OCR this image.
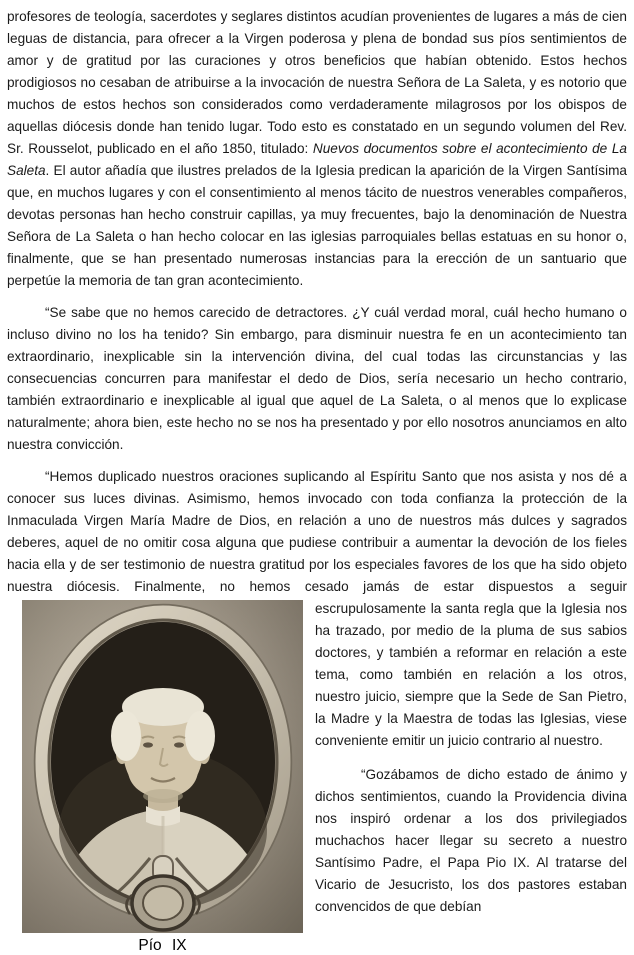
profesores de teología, sacerdotes y seglares distintos acudían provenientes de lugares a más de cien leguas de distancia, para ofrecer a la Virgen poderosa y plena de bondad sus píos sentimientos de amor y de gratitud por las curaciones y otros beneficios que habían obtenido. Estos hechos prodigiosos no cesaban de atribuirse a la invocación de nuestra Señora de La Saleta, y es notorio que muchos de estos hechos son considerados como verdaderamente milagrosos por los obispos de aquellas diócesis donde han tenido lugar. Todo esto es constatado en un segundo volumen del Rev. Sr. Rousselot, publicado en el año 1850, titulado: Nuevos documentos sobre el acontecimiento de La Saleta. El autor añadía que ilustres prelados de la Iglesia predican la aparición de la Virgen Santísima que, en muchos lugares y con el consentimiento al menos tácito de nuestros venerables compañeros, devotas personas han hecho construir capillas, ya muy frecuentes, bajo la denominación de Nuestra Señora de La Saleta o han hecho colocar en las iglesias parroquiales bellas estatuas en su honor o, finalmente, que se han presentado numerosas instancias para la erección de un santuario que perpetúe la memoria de tan gran acontecimiento.

“Se sabe que no hemos carecido de detractores. ¿Y cuál verdad moral, cuál hecho humano o incluso divino no los ha tenido? Sin embargo, para disminuir nuestra fe en un acontecimiento tan extraordinario, inexplicable sin la intervención divina, del cual todas las circunstancias y las consecuencias concurren para manifestar el dedo de Dios, sería necesario un hecho contrario, también extraordinario e inexplicable al igual que aquel de La Saleta, o al menos que lo explicase naturalmente; ahora bien, este hecho no se nos ha presentado y por ello nosotros anunciamos en alto nuestra convicción.

“Hemos duplicado nuestros oraciones suplicando al Espíritu Santo que nos asista y nos dé a conocer sus luces divinas. Asimismo, hemos invocado con toda confianza la protección de la Inmaculada Virgen María Madre de Dios, en relación a uno de nuestros más dulces y sagrados deberes, aquel de no omitir cosa alguna que pudiese contribuir a aumentar la devoción de los fieles hacia ella y de ser testimonio de nuestra gratitud por los especiales favores de los que ha sido objeto nuestra diócesis. Finalmente, no hemos cesado jamás de estar dispuestos a seguir

Pío IX

escrupulosamente la santa regla que la Iglesia nos ha trazado, por medio de la pluma de sus sabios doctores, y también a reformar en relación a este tema, como también en relación a los otros, nuestro juicio, siempre que la Sede de San Pietro, la Madre y la Maestra de todas las Iglesias, viese conveniente emitir un juicio contrario al nuestro.

“Gozábamos de dicho estado de ánimo y dichos sentimientos, cuando la Providencia divina nos inspiró ordenar a los dos privilegiados muchachos hacer llegar su secreto a nuestro Santísimo Padre, el Papa Pio IX. Al tratarse del Vicario de Jesucristo, los dos pastores estaban convencidos de que debían
